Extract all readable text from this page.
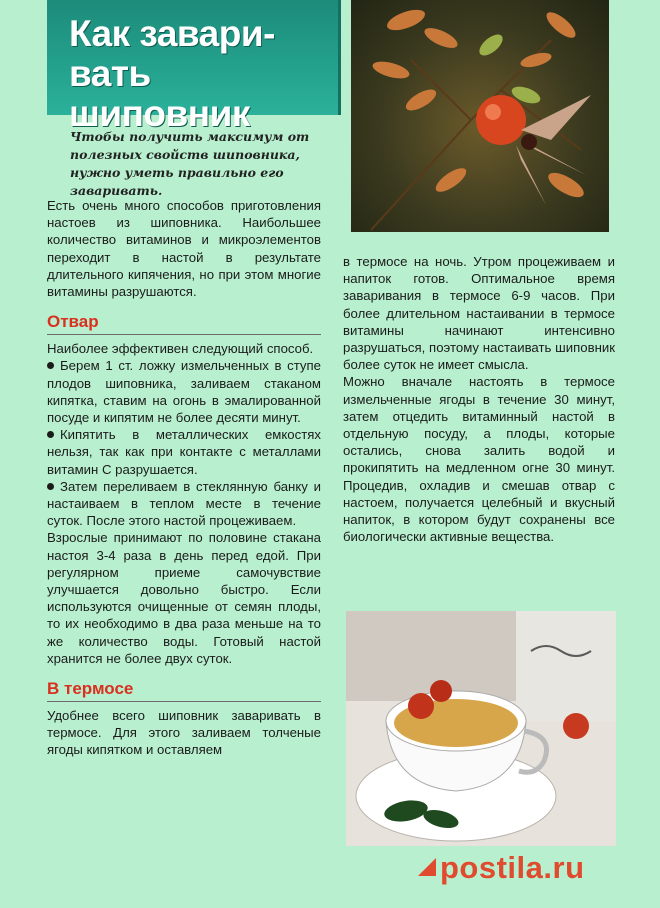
Как завари-вать шиповник
Чтобы получить максимум от полезных свойств шиповника, нужно уметь правильно его заваривать.

Есть очень много способов приготовления настоев из шиповника. Наибольшее количество витаминов и микроэлементов переходит в настой в результате длительного кипячения, но при этом многие витамины разрушаются.

Отвар

Наиболее эффективен следующий способ.

Берем 1 ст. ложку измельченных в ступе плодов шиповника, заливаем стаканом кипятка, ставим на огонь в эмалированной посуде и кипятим не более десяти минут.

Кипятить в металлических емкостях нельзя, так как при контакте с металлами витамин С разрушается.

Затем переливаем в стеклянную банку и настаиваем в теплом месте в течение суток. После этого настой процеживаем.

Взрослые принимают по половине стакана настоя 3-4 раза в день перед едой. При регулярном приеме самочувствие улучшается довольно быстро. Если используются очищенные от семян плоды, то их необходимо в два раза меньше на то же количество воды. Готовый настой хранится не более двух суток.

В термосе

Удобнее всего шиповник заваривать в термосе. Для этого заливаем толченые ягоды кипятком и оставляем

в термосе на ночь. Утром процеживаем и напиток готов. Оптимальное время заваривания в термосе 6-9 часов. При более длительном настаивании в термосе витамины начинают интенсивно разрушаться, поэтому настаивать шиповник более суток не имеет смысла.

Можно вначале настоять в термосе измельченные ягоды в течение 30 минут, затем отцедить витаминный настой в отдельную посуду, а плоды, которые остались, снова залить водой и прокипятить на медленном огне 30 минут. Процедив, охладив и смешав отвар с настоем, получается целебный и вкусный напиток, в котором будут сохранены все биологически активные вещества.

postila.ru
